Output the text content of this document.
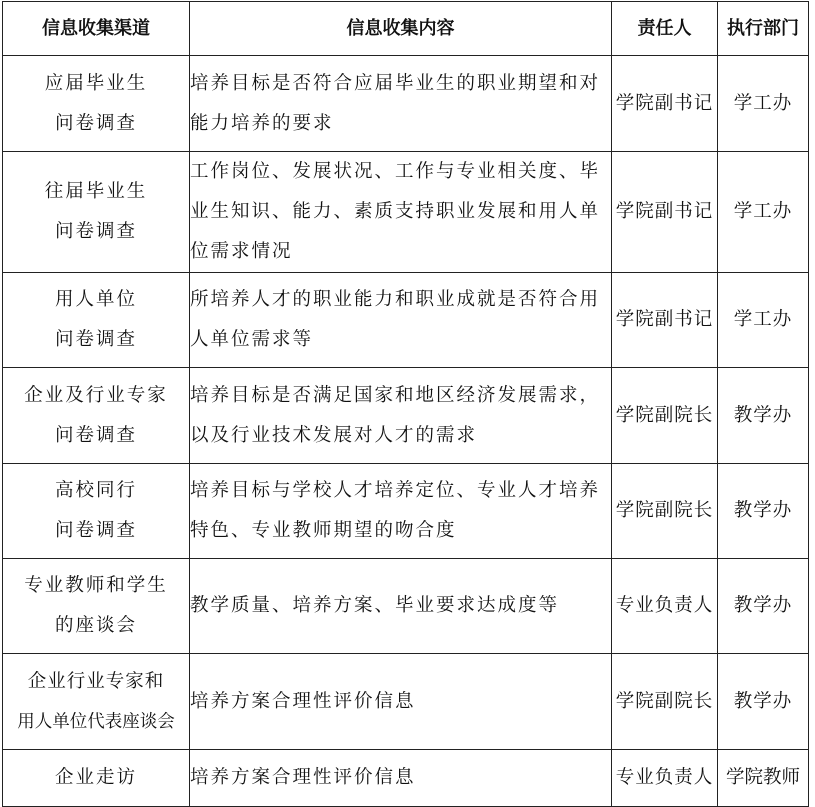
信息收集渠道	信息收集内容	责任人	执行部门

应届毕业生
问卷调查	培养目标是否符合应届毕业生的职业期望和对能力培养的要求	学院副书记	学工办

往届毕业生
问卷调查	工作岗位、发展状况、工作与专业相关度、毕业生知识、能力、素质支持职业发展和用人单位需求情况	学院副书记	学工办

用人单位
问卷调查	所培养人才的职业能力和职业成就是否符合用人单位需求等	学院副书记	学工办

企业及行业专家
问卷调查	培养目标是否满足国家和地区经济发展需求，以及行业技术发展对人才的需求	学院副院长	教学办

高校同行
问卷调查	培养目标与学校人才培养定位、专业人才培养特色、专业教师期望的吻合度	学院副院长	教学办

专业教师和学生
的座谈会	教学质量、培养方案、毕业要求达成度等	专业负责人	教学办

企业行业专家和
用人单位代表座谈会	培养方案合理性评价信息	学院副院长	教学办

企业走访	培养方案合理性评价信息	专业负责人	学院教师
